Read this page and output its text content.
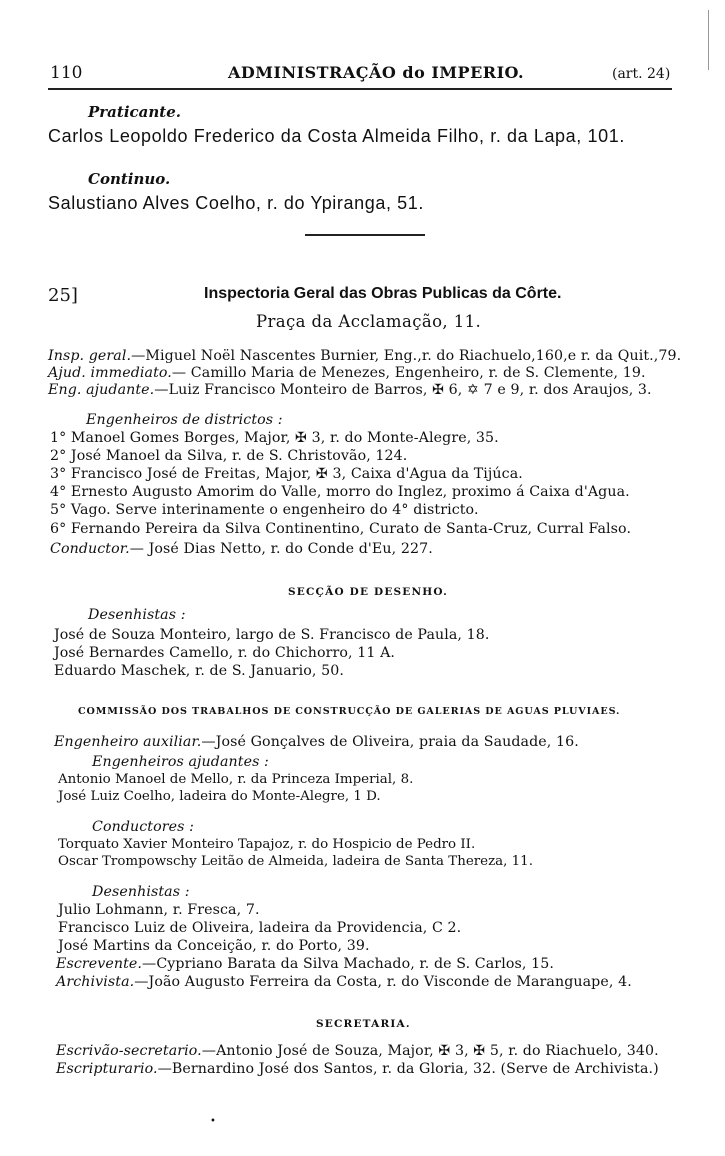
110	ADMINISTRAÇÃO do IMPERIO.	(art. 24)
Praticante.
Carlos Leopoldo Frederico da Costa Almeida Filho, r. da Lapa, 101.
Continuo.
Salustiano Alves Coelho, r. do Ypiranga, 51.
25]	Inspectoria Geral das Obras Publicas da Côrte.
Praça da Acclamação, 11.
Insp. geral.—Miguel Noël Nascentes Burnier, Eng.,r. do Riachuelo,160,e r. da Quit.,79.
Ajud. immediato.— Camillo Maria de Menezes, Engenheiro, r. de S. Clemente, 19.
Eng. ajudante.—Luiz Francisco Monteiro de Barros, ✠ 6, ✡ 7 e 9, r. dos Araujos, 3.
Engenheiros de districtos :
1° Manoel Gomes Borges, Major, ✠ 3, r. do Monte-Alegre, 35.
2° José Manoel da Silva, r. de S. Christovão, 124.
3° Francisco José de Freitas, Major, ✠ 3, Caixa d'Agua da Tijúca.
4° Ernesto Augusto Amorim do Valle, morro do Inglez, proximo á Caixa d'Agua.
5° Vago. Serve interinamente o engenheiro do 4° districto.
6° Fernando Pereira da Silva Continentino, Curato de Santa-Cruz, Curral Falso.
Conductor.— José Dias Netto, r. do Conde d'Eu, 227.
SECÇÃO DE DESENHO.
Desenhistas :
José de Souza Monteiro, largo de S. Francisco de Paula, 18.
José Bernardes Camello, r. do Chichorro, 11 A.
Eduardo Maschek, r. de S. Januario, 50.
COMMISSÃO DOS TRABALHOS DE CONSTRUCÇÃO DE GALERIAS DE AGUAS PLUVIAES.
Engenheiro auxiliar.—José Gonçalves de Oliveira, praia da Saudade, 16.
Engenheiros ajudantes :
Antonio Manoel de Mello, r. da Princeza Imperial, 8.
José Luiz Coelho, ladeira do Monte-Alegre, 1 D.
Conductores :
Torquato Xavier Monteiro Tapajoz, r. do Hospicio de Pedro II.
Oscar Trompowschy Leitão de Almeida, ladeira de Santa Thereza, 11.
Desenhistas :
Julio Lohmann, r. Fresca, 7.
Francisco Luiz de Oliveira, ladeira da Providencia, C 2.
José Martins da Conceição, r. do Porto, 39.
Escrevente.—Cypriano Barata da Silva Machado, r. de S. Carlos, 15.
Archivista.—João Augusto Ferreira da Costa, r. do Visconde de Maranguape, 4.
SECRETARIA.
Escrivão-secretario.—Antonio José de Souza, Major, ✠ 3, ✠ 5, r. do Riachuelo, 340.
Escripturario.—Bernardino José dos Santos, r. da Gloria, 32. (Serve de Archivista.)
•
